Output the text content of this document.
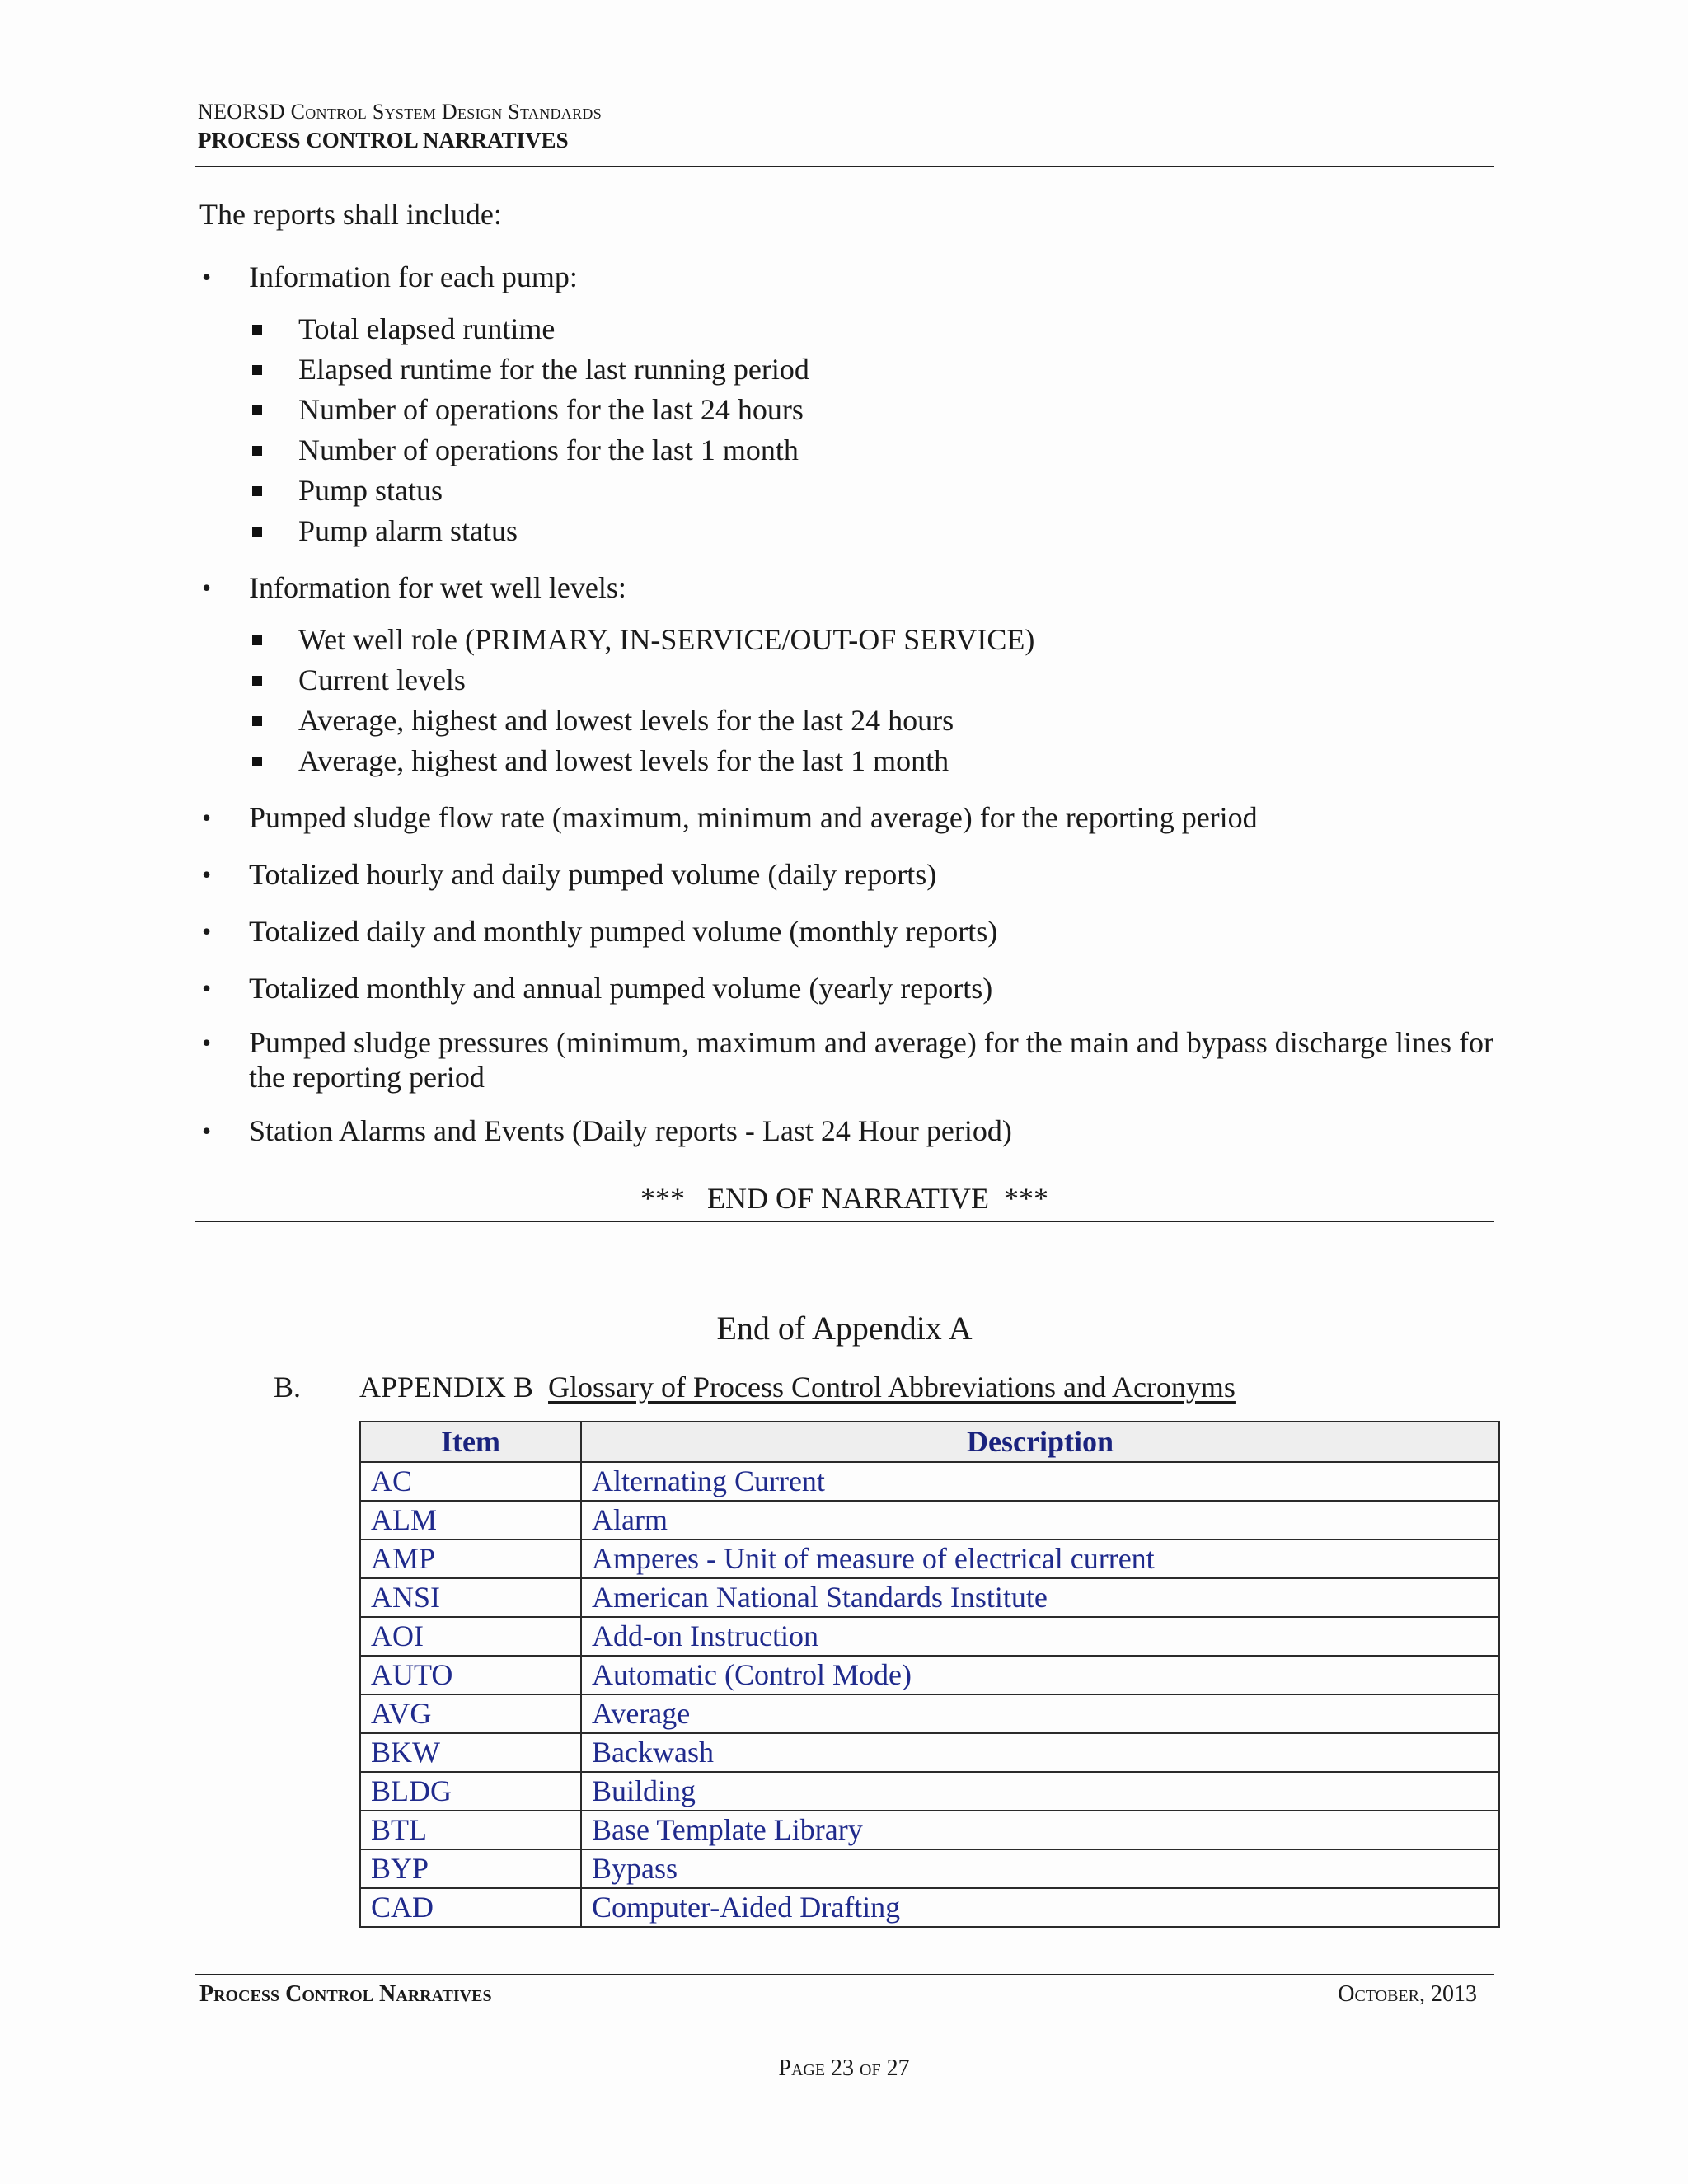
NEORSD Control System Design Standards
PROCESS CONTROL NARRATIVES
The reports shall include:
• Information for each pump:
Total elapsed runtime
Elapsed runtime for the last running period
Number of operations for the last 24 hours
Number of operations for the last 1 month
Pump status
Pump alarm status
• Information for wet well levels:
Wet well role (PRIMARY, IN-SERVICE/OUT-OF SERVICE)
Current levels
Average, highest and lowest levels for the last 24 hours
Average, highest and lowest levels for the last 1 month
• Pumped sludge flow rate (maximum, minimum and average) for the reporting period
• Totalized hourly and daily pumped volume (daily reports)
• Totalized daily and monthly pumped volume (monthly reports)
• Totalized monthly and annual pumped volume (yearly reports)
• Pumped sludge pressures (minimum, maximum and average) for the main and bypass discharge lines for the reporting period
• Station Alarms and Events (Daily reports - Last 24 Hour period)
***   END OF NARRATIVE  ***
End of Appendix A
B. APPENDIX B Glossary of Process Control Abbreviations and Acronyms
Item	Description
AC	Alternating Current
ALM	Alarm
AMP	Amperes - Unit of measure of electrical current
ANSI	American National Standards Institute
AOI	Add-on Instruction
AUTO	Automatic (Control Mode)
AVG	Average
BKW	Backwash
BLDG	Building
BTL	Base Template Library
BYP	Bypass
CAD	Computer-Aided Drafting
Process Control Narratives	October, 2013
Page 23 of 27
